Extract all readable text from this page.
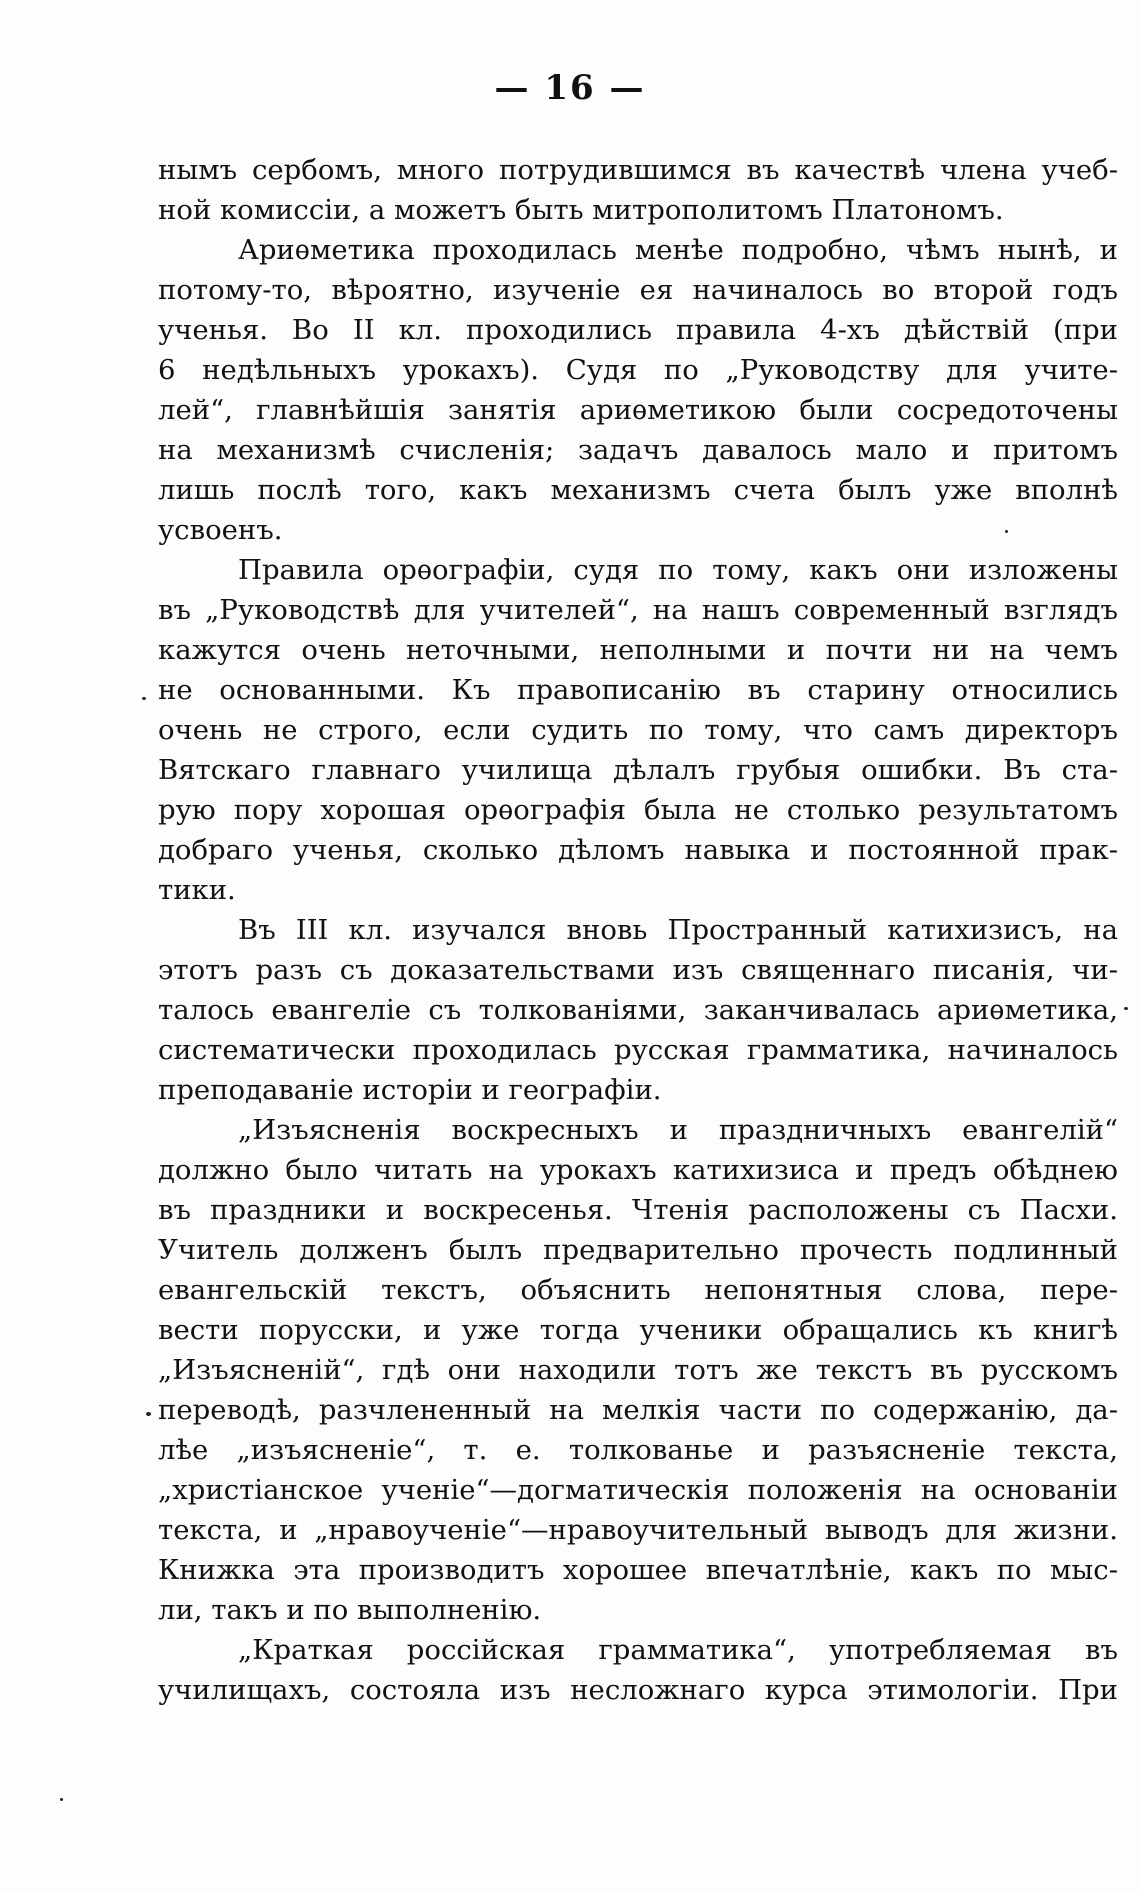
— 16 —
нымъ сербомъ, много потрудившимся въ качествѣ члена учеб-
ной комиссіи, а можетъ быть митрополитомъ Платономъ.
Ариѳметика проходилась менѣе подробно, чѣмъ нынѣ, и
потому-то, вѣроятно, изученіе ея начиналось во второй годъ
ученья. Во II кл. проходились правила 4-хъ дѣйствій (при
6 недѣльныхъ урокахъ). Судя по „Руководству для учите-
лей“, главнѣйшія занятія ариѳметикою были сосредоточены
на механизмѣ счисленія; задачъ давалось мало и притомъ
лишь послѣ того, какъ механизмъ счета былъ уже вполнѣ
усвоенъ.
Правила орѳографіи, судя по тому, какъ они изложены
въ „Руководствѣ для учителей“, на нашъ современный взглядъ
кажутся очень неточными, неполными и почти ни на чемъ
не основанными. Къ правописанію въ старину относились
очень не строго, если судить по тому, что самъ директоръ
Вятскаго главнаго училища дѣлалъ грубыя ошибки. Въ ста-
рую пору хорошая орѳографія была не столько результатомъ
добраго ученья, сколько дѣломъ навыка и постоянной прак-
тики.
Въ III кл. изучался вновь Пространный катихизисъ, на
этотъ разъ съ доказательствами изъ священнаго писанія, чи-
талось евангеліе съ толкованіями, заканчивалась ариѳметика,
систематически проходилась русская грамматика, начиналось
преподаваніе исторіи и географіи.
„Изъясненія воскресныхъ и праздничныхъ евангелій“
должно было читать на урокахъ катихизиса и предъ обѣднею
въ праздники и воскресенья. Чтенія расположены съ Пасхи.
Учитель долженъ былъ предварительно прочесть подлинный
евангельскій текстъ, объяснить непонятныя слова, пере-
вести порусски, и уже тогда ученики обращались къ книгѣ
„Изъясненій“, гдѣ они находили тотъ же текстъ въ русскомъ
переводѣ, разчлененный на мелкія части по содержанію, да-
лѣе „изъясненіе“, т. е. толкованье и разъясненіе текста,
„христіанское ученіе“—догматическія положенія на основаніи
текста, и „нравоученіе“—нравоучительный выводъ для жизни.
Книжка эта производитъ хорошее впечатлѣніе, какъ по мыс-
ли, такъ и по выполненію.
„Краткая россійская грамматика“, употребляемая въ
училищахъ, состояла изъ несложнаго курса этимологіи. При
